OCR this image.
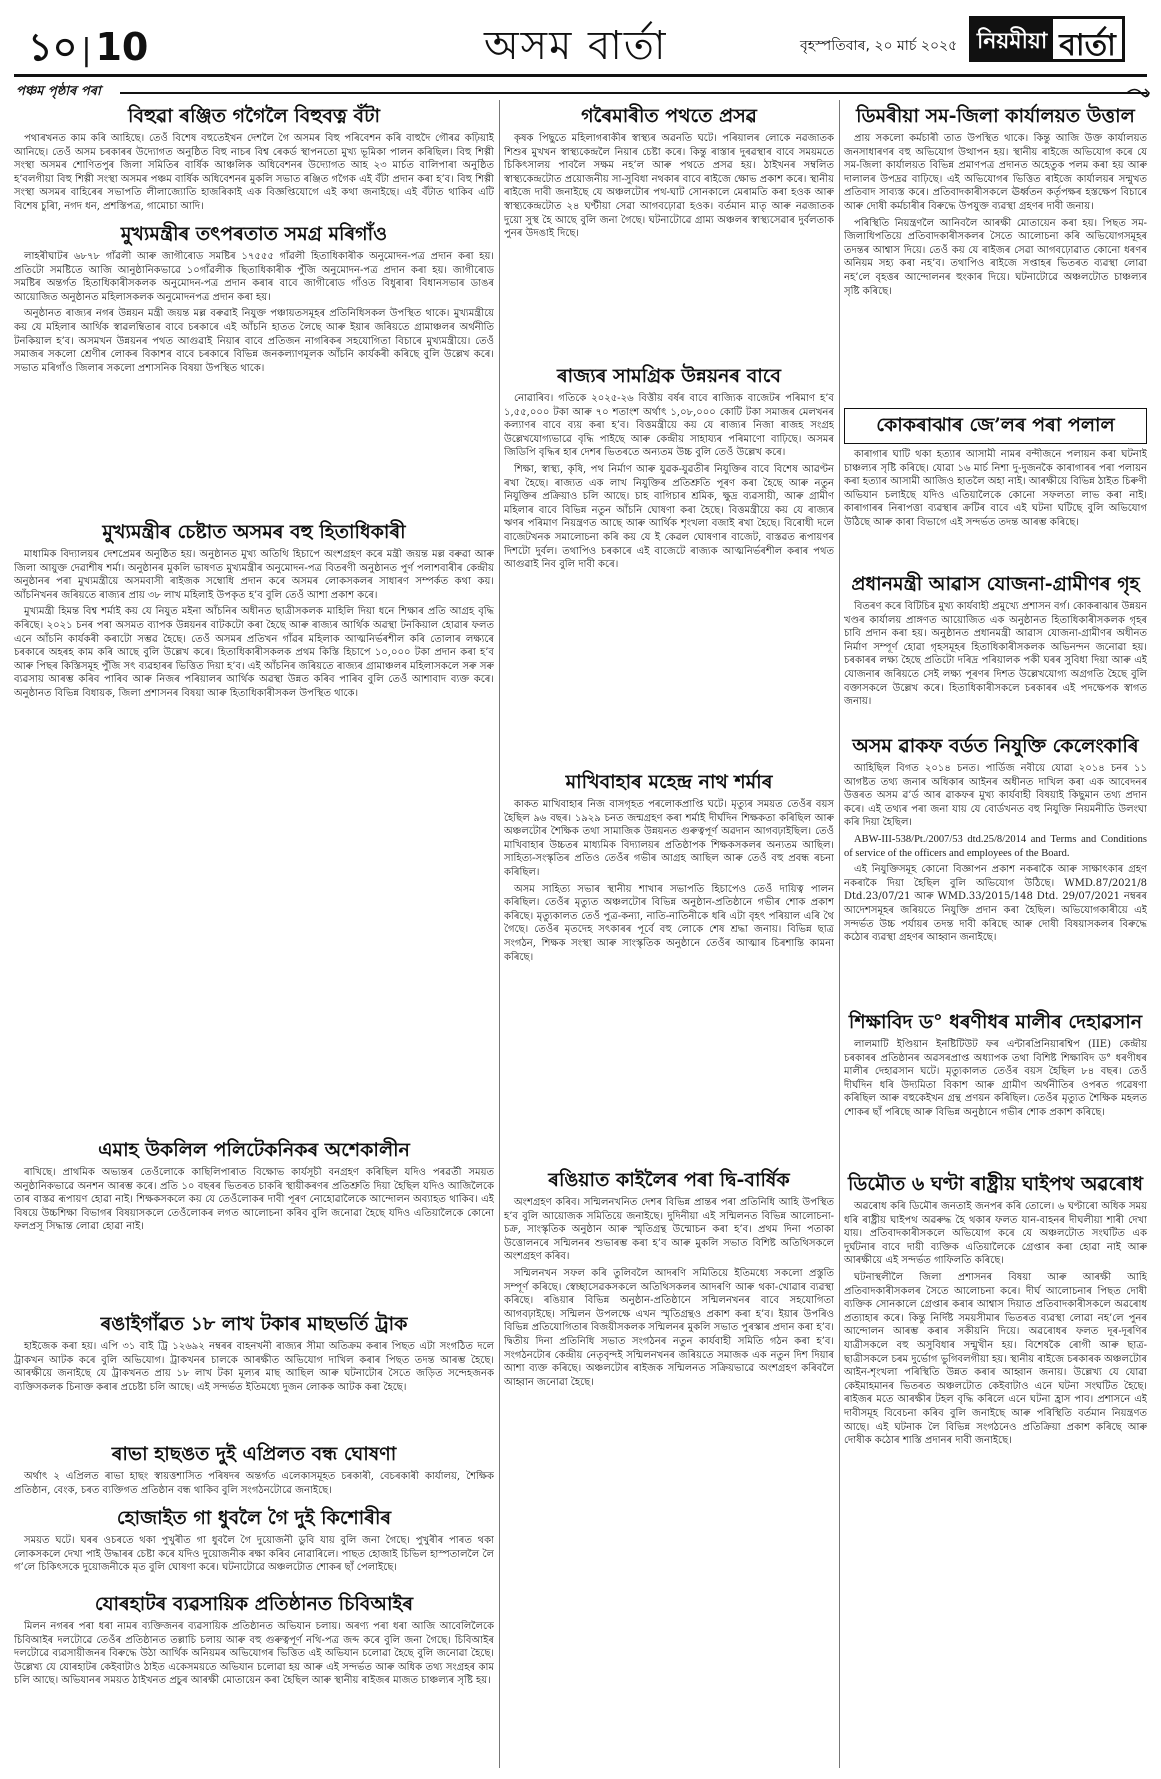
১০ | 10	অসম বাৰ্তা	বৃহস্পতিবাৰ, ২০ মাৰ্চ ২০২৫ নিয়মীয়া বাৰ্তা
পঞ্চম পৃষ্ঠাৰ পৰা
বিহুৱা ৰঞ্জিত গগৈলৈ বিহুবত্ন বঁটা

পথাৰখনত কাম কৰি আহিছে। তেওঁ বিশেষ বহুতেইখন দেশলৈ গৈ অসমৰ বিহু পৰিবেশন কৰি বাহুদৈ গৌৰৱ কঢ়িয়াই আনিছে। তেওঁ অসম চৰকাৰৰ উদ্যোগত অনুষ্ঠিত বিহু নাচৰ বিশ্ব ৰেকৰ্ড স্থাপনতো মুখ্য ভূমিকা পালন কৰিছিল। বিহু শিল্পী সংস্থা অসমৰ শোণিতপুৰ জিলা সমিতিৰ বাৰ্ষিক আঞ্চলিক অধিবেশনৰ উদ্যোগত আহ ২৩ মাৰ্চত বালিপাৰা অনুষ্ঠিত হ’বলগীয়া বিহু শিল্পী সংস্থা অসমৰ পঞ্চম বাৰ্ষিক অধিবেশনৰ মুকলি সভাত ৰঞ্জিত গগৈক এই বঁটা প্ৰদান কৰা হ’ব। বিহু শিল্পী সংস্থা অসমৰ বাহিৰেৰ সভাপতি লীলাজ্যোতি হাজৰিকাই এক বিজ্ঞপ্তিযোগে এই কথা জনাইছে। এই বঁটাত থাকিব এটি বিশেষ চুৰিা, নগদ ধন, প্ৰশস্তিপত্ৰ, গামোচা আদি।

মুখ্যমন্ত্ৰীৰ তৎপৰতাত সমগ্ৰ মৰিগাঁও

লাহৰীঘাটৰ ৬৮৭৮ গাঁৱলী আৰু জাগীৰোড সমষ্টিৰ ১৭৫৫৫ গাঁৱলী হিতাধিকাৰীক অনুমোদন-পত্ৰ প্ৰদান কৰা হয়। প্ৰতিটো সমষ্টিতে আজি আনুষ্ঠানিকভাৱে ১০গাঁৱলীক ছিতাধিকাৰীক পুঁজি অনুমোদন-পত্ৰ প্ৰদান কৰা হয়। জাগীৰোড সমষ্টিৰ অন্তৰ্গত হিতাধিকাৰীসকলক অনুমোদন-পত্ৰ প্ৰদান কৰাৰ বাবে জাগীৰোড গাঁওত বিধুৰাৰা বিধানসভাৰ ডাঙৰ আয়োজিত অনুষ্ঠানত মহিলাসকলক অনুমোদনপত্ৰ প্ৰদান কৰা হয়।

অনুষ্ঠানত ৰাজ্যৰ নগৰ উন্নয়ন মন্ত্ৰী জয়ন্ত মল্ল বৰুৱাই নিযুক্ত পঞ্চায়তসমূহৰ প্ৰতিনিধিসকল উপস্থিত থাকে। মুখ্যমন্ত্ৰীয়ে কয় যে মহিলাৰ আৰ্থিক স্বাৱলম্বিতাৰ বাবে চৰকাৰে এই আঁচনি হাতত লৈছে আৰু ইয়াৰ জৰিয়তে গ্ৰামাঞ্চলৰ অৰ্থনীতি টনকিয়াল হ’ব। অসমখন উন্নয়নৰ পথত আগুৱাই নিয়াৰ বাবে প্ৰতিজন নাগৰিকৰ সহযোগিতা বিচাৰে মুখ্যমন্ত্ৰীয়ে। তেওঁ সমাজৰ সকলো শ্ৰেণীৰ লোকৰ বিকাশৰ বাবে চৰকাৰে বিভিন্ন জনকল্যাণমূলক আঁচনি কাৰ্যকৰী কৰিছে বুলি উল্লেখ কৰে। সভাত মৰিগাঁও জিলাৰ সকলো প্ৰশাসনিক বিষয়া উপস্থিত থাকে।

মুখ্যমন্ত্ৰীৰ চেষ্টাত অসমৰ বহু হিতাধিকাৰী

মাধামিক বিদ্যালয়ৰ দেশপ্ৰেমৰ অনুষ্ঠিত হয়। অনুষ্ঠানত মুখ্য অতিথি হিচাপে অংশগ্ৰহণ কৰে মন্ত্ৰী জয়ন্ত মল্ল বৰুৱা আৰু জিলা আয়ুক্ত দেৱাশীষ শৰ্মা। অনুষ্ঠানৰ মুকলি ভাষণত মুখ্যমন্ত্ৰীৰ অনুমোদন-পত্ৰ বিতৰণী অনুষ্ঠানত পুৰ্ণ পলাশবাৰীৰ কেন্দ্ৰীয় অনুষ্ঠানৰ পৰা মুখ্যমন্ত্ৰীয়ে অসমবাসী ৰাইজক সম্বোধি প্ৰদান কৰে অসমৰ লোকসকলৰ সাধাৰণ সম্পৰ্কত কথা কয়। আঁচনিখনৰ জৰিয়তে ৰাজ্যৰ প্ৰায় ৩৮ লাখ মহিলাই উপকৃত হ’ব বুলি তেওঁ আশা প্ৰকাশ কৰে।

মুখ্যমন্ত্ৰী হিমন্ত বিশ্ব শৰ্মাই কয় যে নিযুত মইনা আঁচনিৰ অধীনত ছাত্ৰীসকলক মাহিলি দিয়া ধনে শিক্ষাৰ প্ৰতি আগ্ৰহ বৃদ্ধি কৰিছে। ২০২১ চনৰ পৰা অসমত ব্যাপক উন্নয়নৰ বাটকটো কৰা হৈছে আৰু ৰাজ্যৰ আৰ্থিক অৱস্থা টনকিয়াল হোৱাৰ ফলত এনে আঁচনি কাৰ্যকৰী কৰাটো সম্ভৱ হৈছে। তেওঁ অসমৰ প্ৰতিখন গাঁৱৰ মহিলাক আত্মনিৰ্ভৰশীল কৰি তোলাৰ লক্ষ্যৰে চৰকাৰে অহৰহ কাম কৰি আছে বুলি উল্লেখ কৰে। হিতাধিকাৰীসকলক প্ৰথম কিস্তি হিচাপে ১০,০০০ টকা প্ৰদান কৰা হ’ব আৰু পিছৰ কিস্তিসমূহ পুঁজি সৎ ব্যৱহাৰৰ ভিত্তিত দিয়া হ’ব। এই আঁচনিৰ জৰিয়তে ৰাজ্যৰ গ্ৰামাঞ্চলৰ মহিলাসকলে সৰু সৰু ব্যৱসায় আৰম্ভ কৰিব পাৰিব আৰু নিজৰ পৰিয়ালৰ আৰ্থিক অৱস্থা উন্নত কৰিব পাৰিব বুলি তেওঁ আশাবাদ ব্যক্ত কৰে। অনুষ্ঠানত বিভিন্ন বিধায়ক, জিলা প্ৰশাসনৰ বিষয়া আৰু হিতাধিকাৰীসকল উপস্থিত থাকে।

এমাহ উকলিল পলিটেকনিকৰ অশেকালীন

ৰাখিছে। প্ৰাথমিক অভ্যন্তৰ তেওঁলোকে কাছিলিপাৰাত বিক্ষোভ কাৰ্যসূচী বনগ্ৰহণ কৰিছিল যদিও পৰৱৰ্তী সময়ত অনুষ্ঠানিকভাৱে অনশন আৰম্ভ কৰে। প্ৰতি ১০ বছৰৰ ভিতৰত চাকৰি স্থায়ীকৰণৰ প্ৰতিশ্ৰুতি দিয়া হৈছিল যদিও আজিলৈকে তাৰ বাস্তৱ ৰূপায়ণ হোৱা নাই। শিক্ষকসকলে কয় যে তেওঁলোকৰ দাবী পূৰণ নোহোৱালৈকে আন্দোলন অব্যাহত থাকিব। এই বিষয়ে উচ্চশিক্ষা বিভাগৰ বিষয়াসকলে তেওঁলোকৰ লগত আলোচনা কৰিব বুলি জনোৱা হৈছে যদিও এতিয়ালৈকে কোনো ফলপ্ৰসূ সিদ্ধান্ত লোৱা হোৱা নাই।

ৰঙাইগাঁৱত ১৮ লাখ টকাৰ মাছভৰ্তি ট্ৰাক

হাইজেক কৰা হয়। এপি ৩১ বাই ট্ৰি ১২৬৯২ নম্বৰৰ বাহনখনী ৰাজ্যৰ সীমা অতিক্ৰম কৰাৰ পিছত এটা সংগঠিত দলে ট্ৰাকখন আটক কৰে বুলি অভিযোগ। ট্ৰাকখনৰ চালকে আৰক্ষীত অভিযোগ দাখিল কৰাৰ পিছত তদন্ত আৰম্ভ হৈছে। আৰক্ষীয়ে জনাইছে যে ট্ৰাকখনত প্ৰায় ১৮ লাখ টকা মূল্যৰ মাছ আছিল আৰু ঘটনাটোৰ সৈতে জড়িত সন্দেহজনক ব্যক্তিসকলক চিনাক্ত কৰাৰ প্ৰচেষ্টা চলি আছে। এই সন্দৰ্ভত ইতিমধ্যে দুজন লোকক আটক কৰা হৈছে।

ৰাভা হাছঙত দুই এপ্ৰিলত বন্ধ ঘোষণা

অৰ্থাৎ ২ এপ্ৰিলত ৰাভা হাছং স্বায়ত্তশাসিত পৰিষদৰ অন্তৰ্গত এলেকাসমূহত চৰকাৰী, বেচৰকাৰী কাৰ্যালয়, শৈক্ষিক প্ৰতিষ্ঠান, বেংক, চৰত ব্যক্তিগত প্ৰতিষ্ঠান বন্ধ থাকিব বুলি সংগঠনটোৱে জনাইছে।

হোজাইত গা ধুবলৈ গৈ দুই কিশোৰীৰ

সময়ত ঘটে। ঘৰৰ ওচৰতে থকা পুখুৰীত গা ধুবলৈ গৈ দুয়োজনী ডুবি যায় বুলি জনা গৈছে। পুখুৰীৰ পাৰত থকা লোকসকলে দেখা পাই উদ্ধাৰৰ চেষ্টা কৰে যদিও দুয়োজনীক ৰক্ষা কৰিব নোৱাৰিলে। পাছত হোজাই চিভিল হাস্পতাললৈ লৈ গ’লে চিকিৎসকে দুয়োজনীকে মৃত বুলি ঘোষণা কৰে। ঘটনাটোৱে অঞ্চলটোত শোকৰ ছাঁ পেলাইছে।

যোৰহাটৰ ব্যৱসায়িক প্ৰতিষ্ঠানত চিবিআইৰ

মিলন নগৰৰ পৰা ধৰা নামৰ ব্যক্তিজনৰ ব্যৱসায়িক প্ৰতিষ্ঠানত অভিযান চলায়। অৰণ্য পৰা ধৰা আজি আবেলিলৈকে চিবিআইৰ দলটোৱে তেওঁৰ প্ৰতিষ্ঠানত তল্লাচি চলায় আৰু বহু গুৰুত্বপূৰ্ণ নথি-পত্ৰ জব্দ কৰে বুলি জনা গৈছে। চিবিআইৰ দলটোৱে ব্যৱসায়ীজনৰ বিৰুদ্ধে উঠা আৰ্থিক অনিয়মৰ অভিযোগৰ ভিত্তিত এই অভিযান চলোৱা হৈছে বুলি জনোৱা হৈছে। উল্লেখ্য যে যোৰহাটৰ কেইবাটাও ঠাইত একেসময়তে অভিযান চলোৱা হয় আৰু এই সন্দৰ্ভত আৰু অধিক তথ্য সংগ্ৰহৰ কাম চলি আছে। অভিযানৰ সময়ত ঠাইখনত প্ৰচুৰ আৰক্ষী মোতায়েন কৰা হৈছিল আৰু স্থানীয় ৰাইজৰ মাজত চাঞ্চল্যৰ সৃষ্টি হয়।

গৰৈমাৰীত পথতে প্ৰসৱ

কৃষক পিছুতে মহিলাগৰাকীৰ স্বাস্থ্যৰ অৱনতি ঘটে। পৰিয়ালৰ লোকে নৱজাতক শিশুৰ মুখখন স্বাস্থ্যকেন্দ্ৰলৈ নিয়াৰ চেষ্টা কৰে। কিন্তু ৰাস্তাৰ দুৰৱস্থাৰ বাবে সময়মতে চিকিৎসালয় পাবলৈ সক্ষম নহ’ল আৰু পথতে প্ৰসৱ হয়। ঠাইখনৰ সম্বলিত স্বাস্থ্যকেন্দ্ৰটোত প্ৰয়োজনীয় সা-সুবিধা নথকাৰ বাবে ৰাইজে ক্ষোভ প্ৰকাশ কৰে। স্থানীয় ৰাইজে দাবী জনাইছে যে অঞ্চলটোৰ পথ-ঘাট সোনকালে মেৰামতি কৰা হওক আৰু স্বাস্থ্যকেন্দ্ৰটোত ২৪ ঘণ্টীয়া সেৱা আগবঢ়োৱা হওক। বৰ্তমান মাতৃ আৰু নৱজাতক দুয়ো সুস্থ হৈ আছে বুলি জনা গৈছে। ঘটনাটোৱে গ্ৰাম্য অঞ্চলৰ স্বাস্থ্যসেৱাৰ দুৰ্বলতাক পুনৰ উদঙাই দিছে।

ৰাজ্যৰ সামগ্ৰিক উন্নয়নৰ বাবে

নোৱাৰিব। গতিকে ২০২৫-২৬ বিত্তীয় বৰ্ষৰ বাবে ৰাজ্যিক বাজেটৰ পৰিমাণ হ’ব ১,৫৫,০০০ টকা আৰু ৭০ শতাংশ অৰ্থাৎ ১,০৮,০০০ কোটি টকা সমাজৰ মেলখনৰ কল্যাণৰ বাবে ব্যয় কৰা হ’ব। বিত্তমন্ত্ৰীয়ে কয় যে ৰাজ্যৰ নিজা ৰাজহ সংগ্ৰহ উল্লেখযোগ্যভাৱে বৃদ্ধি পাইছে আৰু কেন্দ্ৰীয় সাহায্যৰ পৰিমাণো বাঢ়িছে। অসমৰ জিডিপি বৃদ্ধিৰ হাৰ দেশৰ ভিতৰতে অন্যতম উচ্চ বুলি তেওঁ উল্লেখ কৰে।

শিক্ষা, স্বাস্থ্য, কৃষি, পথ নিৰ্মাণ আৰু যুৱক-যুৱতীৰ নিযুক্তিৰ বাবে বিশেষ আৱণ্টন ৰখা হৈছে। ৰাজ্যত এক লাখ নিযুক্তিৰ প্ৰতিশ্ৰুতি পূৰণ কৰা হৈছে আৰু নতুন নিযুক্তিৰ প্ৰক্ৰিয়াও চলি আছে। চাহ বাগিচাৰ শ্ৰমিক, ক্ষুদ্ৰ ব্যৱসায়ী, আৰু গ্ৰামীণ মহিলাৰ বাবে বিভিন্ন নতুন আঁচনি ঘোষণা কৰা হৈছে। বিত্তমন্ত্ৰীয়ে কয় যে ৰাজ্যৰ ঋণৰ পৰিমাণ নিয়ন্ত্ৰণত আছে আৰু আৰ্থিক শৃংখলা বজাই ৰখা হৈছে। বিৰোধী দলে বাজেটখনক সমালোচনা কৰি কয় যে ই কেৱল ঘোষণাৰ বাজেট, বাস্তৱত ৰূপায়ণৰ দিশটো দুৰ্বল। তথাপিও চৰকাৰে এই বাজেটে ৰাজ্যক আত্মনিৰ্ভৰশীল কৰাৰ পথত আগুৱাই নিব বুলি দাবী কৰে।

মাখিবাহাৰ মহেন্দ্ৰ নাথ শৰ্মাৰ

কাকত মাখিবাহাৰ নিজ বাসগৃহত পৰলোকপ্ৰাপ্তি ঘটে। মৃত্যুৰ সময়ত তেওঁৰ বয়স হৈছিল ৯৬ বছৰ। ১৯২৯ চনত জন্মগ্ৰহণ কৰা শৰ্মাই দীৰ্ঘদিন শিক্ষকতা কৰিছিল আৰু অঞ্চলটোৰ শৈক্ষিক তথা সামাজিক উন্নয়নত গুৰুত্বপূৰ্ণ অৱদান আগবঢ়াইছিল। তেওঁ মাখিবাহাৰ উচ্চতৰ মাধ্যমিক বিদ্যালয়ৰ প্ৰতিষ্ঠাপক শিক্ষকসকলৰ অন্যতম আছিল। সাহিত্য-সংস্কৃতিৰ প্ৰতিও তেওঁৰ গভীৰ আগ্ৰহ আছিল আৰু তেওঁ বহু প্ৰবন্ধ ৰচনা কৰিছিল।

অসম সাহিত্য সভাৰ স্থানীয় শাখাৰ সভাপতি হিচাপেও তেওঁ দায়িত্ব পালন কৰিছিল। তেওঁৰ মৃত্যুত অঞ্চলটোৰ বিভিন্ন অনুষ্ঠান-প্ৰতিষ্ঠানে গভীৰ শোক প্ৰকাশ কৰিছে। মৃত্যুকালত তেওঁ পুত্ৰ-কন্যা, নাতি-নাতিনীকে ধৰি এটা বৃহৎ পৰিয়াল এৰি থৈ গৈছে। তেওঁৰ মৃতদেহ সৎকাৰৰ পূৰ্বে বহু লোকে শেষ শ্ৰদ্ধা জনায়। বিভিন্ন ছাত্ৰ সংগঠন, শিক্ষক সংস্থা আৰু সাংস্কৃতিক অনুষ্ঠানে তেওঁৰ আত্মাৰ চিৰশান্তি কামনা কৰিছে।

ৰঙিয়াত কাইলৈৰ পৰা দ্বি-বাৰ্ষিক

অংশগ্ৰহণ কৰিব। সন্মিলনখনিত দেশৰ বিভিন্ন প্ৰান্তৰ পৰা প্ৰতিনিধি আহি উপস্থিত হ’ব বুলি আয়োজক সমিতিয়ে জনাইছে। দুদিনীয়া এই সন্মিলনত বিভিন্ন আলোচনা-চক্ৰ, সাংস্কৃতিক অনুষ্ঠান আৰু স্মৃতিগ্ৰন্থ উন্মোচন কৰা হ’ব। প্ৰথম দিনা পতাকা উত্তোলনৰে সন্মিলনৰ শুভাৰম্ভ কৰা হ’ব আৰু মুকলি সভাত বিশিষ্ট অতিথিসকলে অংশগ্ৰহণ কৰিব।

সন্মিলনখন সফল কৰি তুলিবলৈ আদৰণি সমিতিয়ে ইতিমধ্যে সকলো প্ৰস্তুতি সম্পূৰ্ণ কৰিছে। স্বেচ্ছাসেৱকসকলে অতিথিসকলৰ আদৰণি আৰু থকা-খোৱাৰ ব্যৱস্থা কৰিছে। ৰঙিয়াৰ বিভিন্ন অনুষ্ঠান-প্ৰতিষ্ঠানে সন্মিলনখনৰ বাবে সহযোগিতা আগবঢ়াইছে। সন্মিলন উপলক্ষে এখন স্মৃতিগ্ৰন্থও প্ৰকাশ কৰা হ’ব। ইয়াৰ উপৰিও বিভিন্ন প্ৰতিযোগিতাৰ বিজয়ীসকলক সন্মিলনৰ মুকলি সভাত পুৰস্কাৰ প্ৰদান কৰা হ’ব। দ্বিতীয় দিনা প্ৰতিনিধি সভাত সংগঠনৰ নতুন কাৰ্যবাহী সমিতি গঠন কৰা হ’ব। সংগঠনটোৰ কেন্দ্ৰীয় নেতৃবৃন্দই সন্মিলনখনৰ জৰিয়তে সমাজক এক নতুন দিশ দিয়াৰ আশা ব্যক্ত কৰিছে। অঞ্চলটোৰ ৰাইজক সন্মিলনত সক্ৰিয়ভাৱে অংশগ্ৰহণ কৰিবলৈ আহ্বান জনোৱা হৈছে।

ডিমৰীয়া সম-জিলা কাৰ্যালয়ত উত্তাল

প্ৰায় সকলো কৰ্মচাৰী তাত উপস্থিত থাকে। কিন্তু আজি উক্ত কাৰ্যালয়ত জনসাধাৰণৰ বহু অভিযোগ উত্থাপন হয়। স্থানীয় ৰাইজে অভিযোগ কৰে যে সম-জিলা কাৰ্যালয়ত বিভিন্ন প্ৰমাণপত্ৰ প্ৰদানত অহেতুক পলম কৰা হয় আৰু দালালৰ উপদ্ৰৱ বাঢ়িছে। এই অভিযোগৰ ভিত্তিত ৰাইজে কাৰ্যালয়ৰ সন্মুখত প্ৰতিবাদ সাব্যস্ত কৰে। প্ৰতিবাদকাৰীসকলে ঊৰ্ধ্বতন কৰ্তৃপক্ষৰ হস্তক্ষেপ বিচাৰে আৰু দোষী কৰ্মচাৰীৰ বিৰুদ্ধে উপযুক্ত ব্যৱস্থা গ্ৰহণৰ দাবী জনায়।

পৰিস্থিতি নিয়ন্ত্ৰণলৈ আনিবলৈ আৰক্ষী মোতায়েন কৰা হয়। পিছত সম-জিলাধিপতিয়ে প্ৰতিবাদকাৰীসকলৰ সৈতে আলোচনা কৰি অভিযোগসমূহৰ তদন্তৰ আশ্বাস দিয়ে। তেওঁ কয় যে ৰাইজৰ সেৱা আগবঢ়োৱাত কোনো ধৰণৰ অনিয়ম সহ্য কৰা নহ’ব। তথাপিও ৰাইজে সপ্তাহৰ ভিতৰত ব্যৱস্থা লোৱা নহ’লে বৃহত্তৰ আন্দোলনৰ হুংকাৰ দিয়ে। ঘটনাটোৱে অঞ্চলটোত চাঞ্চল্যৰ সৃষ্টি কৰিছে।

কোকৰাঝাৰ জে’লৰ পৰা পলাল

কাৰাগাৰ ঘাটি থকা হত্যাৰ আসামী নামৰ বন্দীজনে পলায়ন কৰা ঘটনাই চাঞ্চল্যৰ সৃষ্টি কৰিছে। যোৱা ১৬ মাৰ্চ নিশা দু-দুজনকৈ কাৰাগাৰৰ পৰা পলায়ন কৰা হত্যাৰ আসামী আজিও হাতলৈ অহা নাই। আৰক্ষীয়ে বিভিন্ন ঠাইত চিৰুণী অভিযান চলাইছে যদিও এতিয়ালৈকে কোনো সফলতা লাভ কৰা নাই। কাৰাগাৰৰ নিৰাপত্তা ব্যৱস্থাৰ ক্ৰটিৰ বাবে এই ঘটনা ঘটিছে বুলি অভিযোগ উঠিছে আৰু কাৰা বিভাগে এই সন্দৰ্ভত তদন্ত আৰম্ভ কৰিছে।

প্ৰধানমন্ত্ৰী আৱাস যোজনা-গ্ৰামীণৰ গৃহ

বিতৰণ কৰে বিটিচিৰ মুখ্য কাৰ্যবাহী প্ৰমুখ্যে প্ৰশাসন বৰ্গ। কোকৰাঝাৰ উন্নয়ন খণ্ডৰ কাৰ্যালয় প্ৰাঙ্গণত আয়োজিত এক অনুষ্ঠানত হিতাধিকাৰীসকলক গৃহৰ চাবি প্ৰদান কৰা হয়। অনুষ্ঠানত প্ৰধানমন্ত্ৰী আৱাস যোজনা-গ্ৰামীণৰ অধীনত নিৰ্মাণ সম্পূৰ্ণ হোৱা গৃহসমূহৰ হিতাধিকাৰীসকলক অভিনন্দন জনোৱা হয়। চৰকাৰৰ লক্ষ্য হৈছে প্ৰতিটো দৰিদ্ৰ পৰিয়ালক পকী ঘৰৰ সুবিধা দিয়া আৰু এই যোজনাৰ জৰিয়তে সেই লক্ষ্য পূৰণৰ দিশত উল্লেখযোগ্য অগ্ৰগতি হৈছে বুলি বক্তাসকলে উল্লেখ কৰে। হিতাধিকাৰীসকলে চৰকাৰৰ এই পদক্ষেপক স্বাগত জনায়।

অসম ৱাকফ বৰ্ডত নিযুক্তি কেলেংকাৰি

আহিছিল বিগত ২০১৪ চনত। পাৰ্ডিজ নবীয়ে যোৱা ২০১৪ চনৰ ১১ আগষ্টত তথ্য জনাৰ অধিকাৰ আইনৰ অধীনত দাখিল কৰা এক আবেদনৰ উত্তৰত অসম ৱ’ৰ্ড আৰ ৱাকফৰ মুখ্য কাৰ্যবাহী বিষয়াই কিছুমান তথ্য প্ৰদান কৰে। এই তথ্যৰ পৰা জনা যায় যে বোৰ্ডখনত বহু নিযুক্তি নিয়মনীতি উলংঘা কৰি দিয়া হৈছিল।

ABW-III-538/Pt./2007/53 dtd.25/8/2014 and Terms and Conditions of service of the officers and employees of the Board.

এই নিযুক্তিসমূহ কোনো বিজ্ঞাপন প্ৰকাশ নকৰাকৈ আৰু সাক্ষাৎকাৰ গ্ৰহণ নকৰাকৈ দিয়া হৈছিল বুলি অভিযোগ উঠিছে। WMD.87/2021/8 Dtd.23/07/21 আৰু WMD.33/2015/148 Dtd. 29/07/2021 নম্বৰৰ আদেশসমূহৰ জৰিয়তে নিযুক্তি প্ৰদান কৰা হৈছিল। অভিযোগকাৰীয়ে এই সন্দৰ্ভত উচ্চ পৰ্যায়ৰ তদন্ত দাবী কৰিছে আৰু দোষী বিষয়াসকলৰ বিৰুদ্ধে কঠোৰ ব্যৱস্থা গ্ৰহণৰ আহ্বান জনাইছে।

শিক্ষাবিদ ড° ধৰণীধৰ মালীৰ দেহাৱসান

লালমাটি ইণ্ডিয়ান ইনষ্টিটিউট ফৰ এন্টাৰপ্ৰিনিয়াৰশ্বিপ (IIE) কেন্দ্ৰীয় চৰকাৰৰ প্ৰতিষ্ঠানৰ অৱসৰপ্ৰাপ্ত অধ্যাপক তথা বিশিষ্ট শিক্ষাবিদ ড° ধৰণীধৰ মালীৰ দেহাৱসান ঘটে। মৃত্যুকালত তেওঁৰ বয়স হৈছিল ৮৪ বছৰ। তেওঁ দীৰ্ঘদিন ধৰি উদ্যমিতা বিকাশ আৰু গ্ৰামীণ অৰ্থনীতিৰ ওপৰত গৱেষণা কৰিছিল আৰু বহুকেইখন গ্ৰন্থ প্ৰণয়ন কৰিছিল। তেওঁৰ মৃত্যুত শৈক্ষিক মহলত শোকৰ ছাঁ পৰিছে আৰু বিভিন্ন অনুষ্ঠানে গভীৰ শোক প্ৰকাশ কৰিছে।

ডিমৌত ৬ ঘণ্টা ৰাষ্ট্ৰীয় ঘাইপথ অৱৰোধ

অৱৰোধ কৰি ডিমৌৰ জনতাই জনপৰ কৰি তোলে। ৬ ঘণ্টাৰো অধিক সময় ধৰি ৰাষ্ট্ৰীয় ঘাইপথ অৱৰুদ্ধ হৈ থকাৰ ফলত যান-বাহনৰ দীঘলীয়া শাৰী দেখা যায়। প্ৰতিবাদকাৰীসকলে অভিযোগ কৰে যে অঞ্চলটোত সংঘটিত এক দুৰ্ঘটনাৰ বাবে দায়ী ব্যক্তিক এতিয়ালৈকে গ্ৰেপ্তাৰ কৰা হোৱা নাই আৰু আৰক্ষীয়ে এই সন্দৰ্ভত গাফিলতি কৰিছে।

ঘটনাস্থলীলৈ জিলা প্ৰশাসনৰ বিষয়া আৰু আৰক্ষী আহি প্ৰতিবাদকাৰীসকলৰ সৈতে আলোচনা কৰে। দীৰ্ঘ আলোচনাৰ পিছত দোষী ব্যক্তিক সোনকালে গ্ৰেপ্তাৰ কৰাৰ আশ্বাস দিয়াত প্ৰতিবাদকাৰীসকলে অৱৰোধ প্ৰত্যাহাৰ কৰে। কিন্তু নিৰ্দিষ্ট সময়সীমাৰ ভিতৰত ব্যৱস্থা লোৱা নহ’লে পুনৰ আন্দোলন আৰম্ভ কৰাৰ সকীয়নি দিয়ে। অৱৰোধৰ ফলত দূৰ-দূৰণিৰ যাত্ৰীসকলে বহু অসুবিধাৰ সন্মুখীন হয়। বিশেষকৈ ৰোগী আৰু ছাত্ৰ-ছাত্ৰীসকলে চৰম দুৰ্ভোগ ভুগিবলগীয়া হয়। স্থানীয় ৰাইজে চৰকাৰক অঞ্চলটোৰ আইন-শৃংখলা পৰিস্থিতি উন্নত কৰাৰ আহ্বান জনায়। উল্লেখ্য যে যোৱা কেইমাহমানৰ ভিতৰত অঞ্চলটোত কেইবাটাও এনে ঘটনা সংঘটিত হৈছে। ৰাইজৰ মতে আৰক্ষীৰ টহল বৃদ্ধি কৰিলে এনে ঘটনা হ্ৰাস পাব। প্ৰশাসনে এই দাবীসমূহ বিবেচনা কৰিব বুলি জনাইছে আৰু পৰিস্থিতি বৰ্তমান নিয়ন্ত্ৰণত আছে। এই ঘটনাক লৈ বিভিন্ন সংগঠনেও প্ৰতিক্ৰিয়া প্ৰকাশ কৰিছে আৰু দোষীক কঠোৰ শাস্তি প্ৰদানৰ দাবী জনাইছে।
